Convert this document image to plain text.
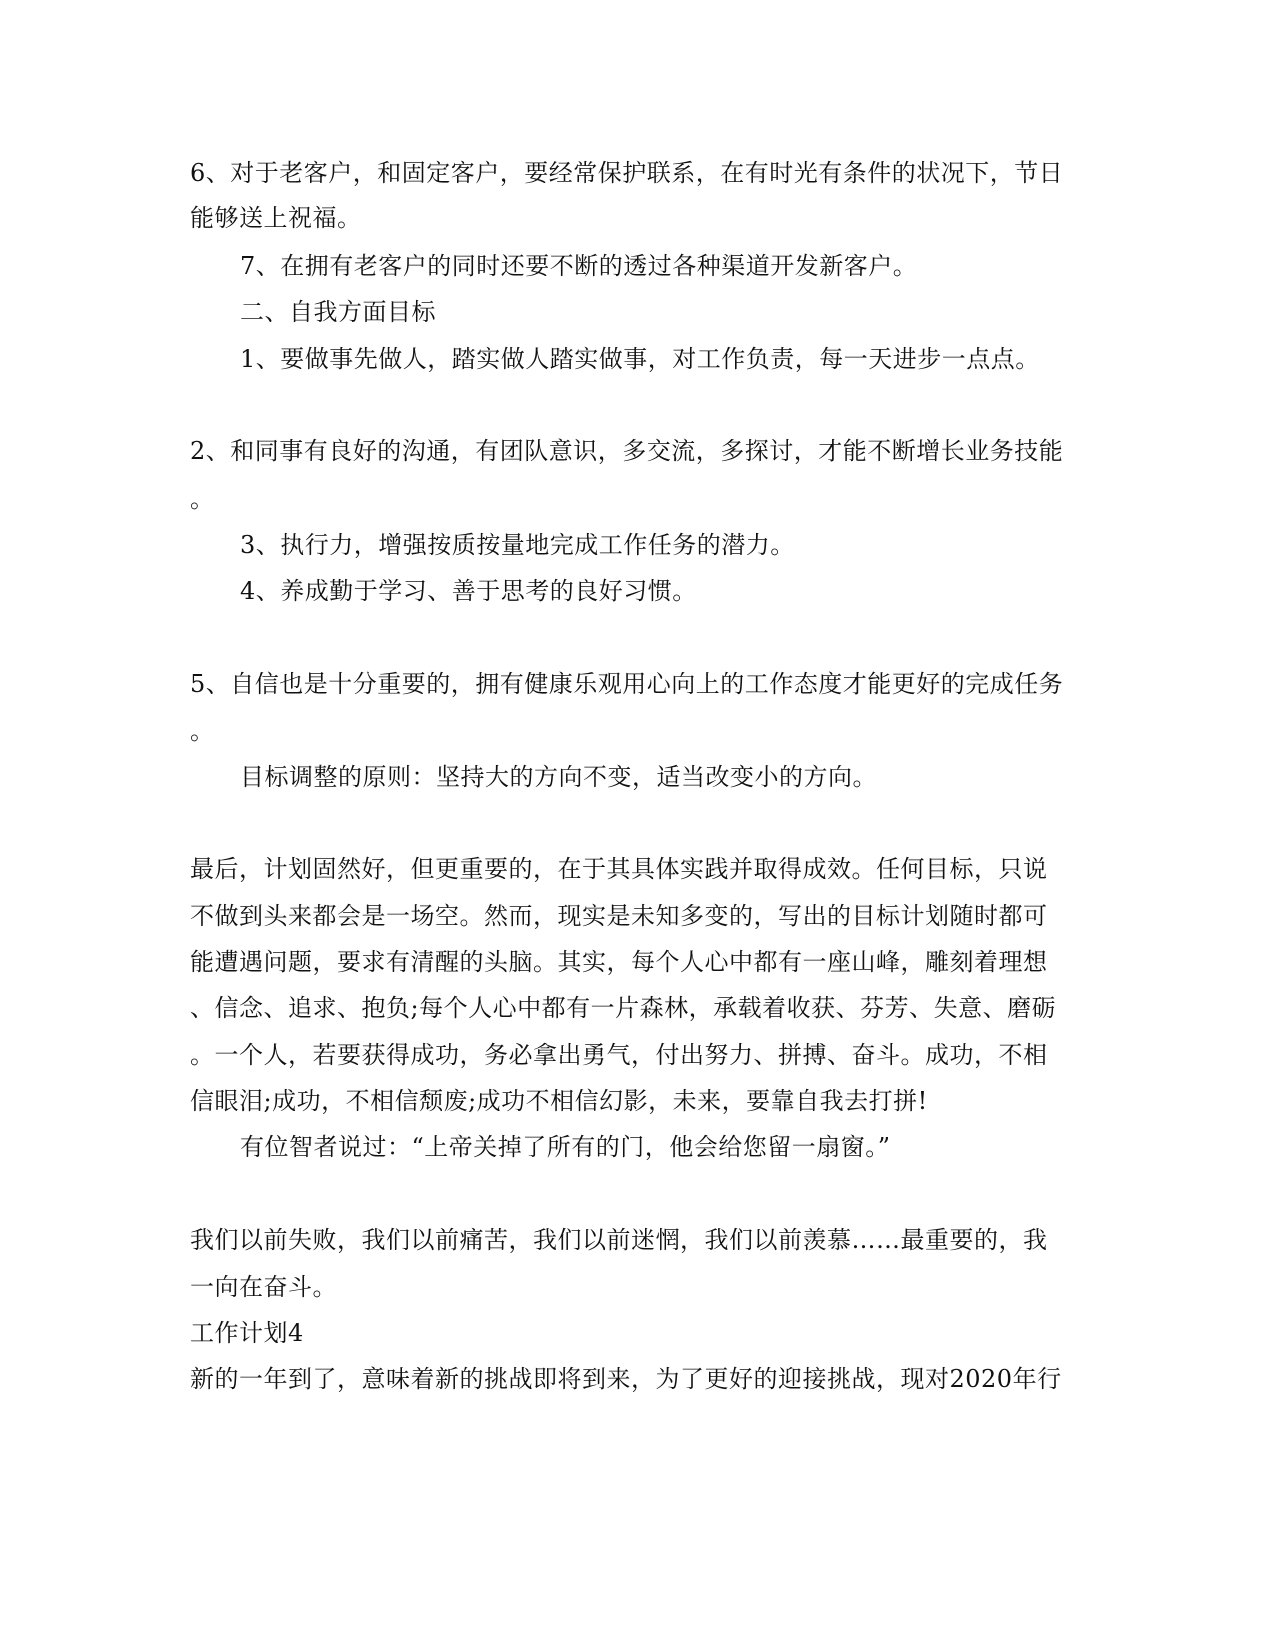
6、对于老客户，和固定客户，要经常保护联系，在有时光有条件的状况下，节日
能够送上祝福。
7、在拥有老客户的同时还要不断的透过各种渠道开发新客户。
二、自我方面目标
1、要做事先做人，踏实做人踏实做事，对工作负责，每一天进步一点点。
2、和同事有良好的沟通，有团队意识，多交流，多探讨，才能不断增长业务技能
。
3、执行力，增强按质按量地完成工作任务的潜力。
4、养成勤于学习、善于思考的良好习惯。
5、自信也是十分重要的，拥有健康乐观用心向上的工作态度才能更好的完成任务
。
目标调整的原则：坚持大的方向不变，适当改变小的方向。
最后，计划固然好，但更重要的，在于其具体实践并取得成效。任何目标，只说
不做到头来都会是一场空。然而，现实是未知多变的，写出的目标计划随时都可
能遭遇问题，要求有清醒的头脑。其实，每个人心中都有一座山峰，雕刻着理想
、信念、追求、抱负;每个人心中都有一片森林，承载着收获、芬芳、失意、磨砺
。一个人，若要获得成功，务必拿出勇气，付出努力、拼搏、奋斗。成功，不相
信眼泪;成功，不相信颓废;成功不相信幻影，未来，要靠自我去打拼!
有位智者说过：“上帝关掉了所有的门，他会给您留一扇窗。”
我们以前失败，我们以前痛苦，我们以前迷惘，我们以前羡慕……最重要的，我
一向在奋斗。
工作计划4
新的一年到了，意味着新的挑战即将到来，为了更好的迎接挑战，现对2020年行
